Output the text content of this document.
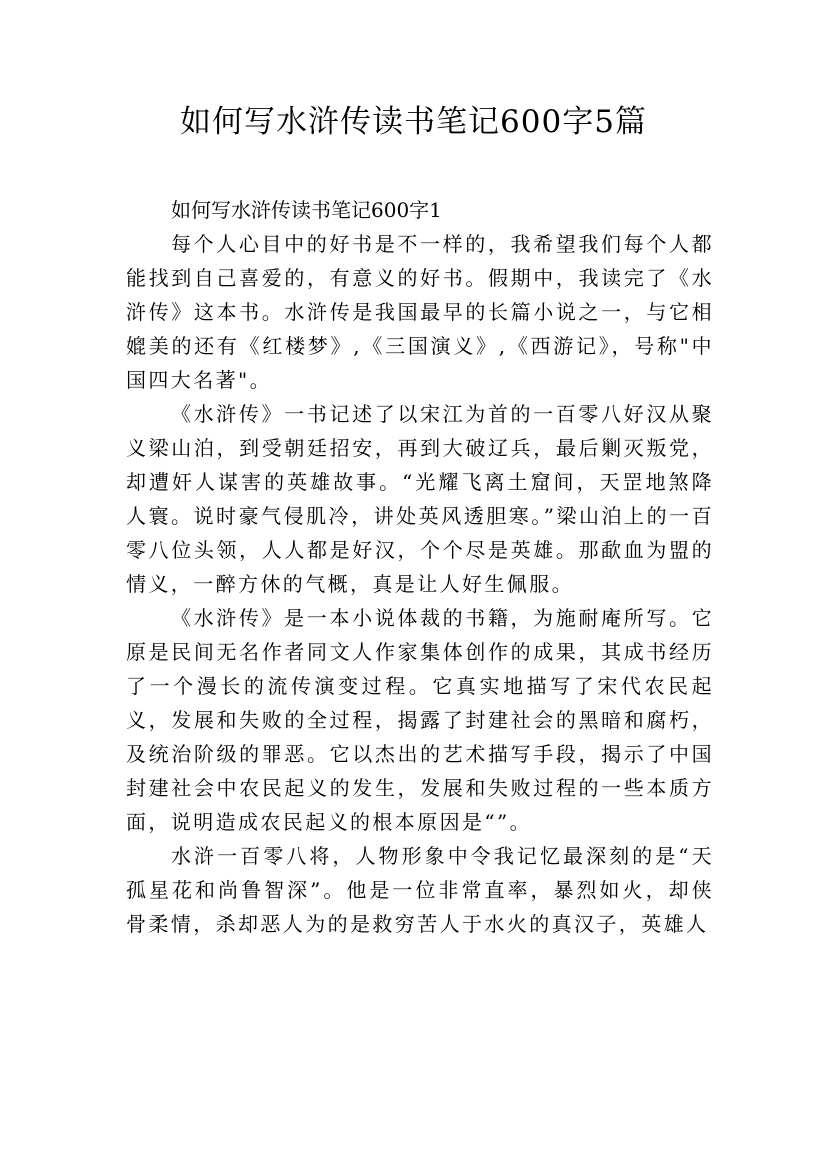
如何写水浒传读书笔记600字5篇

如何写水浒传读书笔记600字1

每个人心目中的好书是不一样的，我希望我们每个人都能找到自己喜爱的，有意义的好书。假期中，我读完了《水浒传》这本书。水浒传是我国最早的长篇小说之一，与它相媲美的还有《红楼梦》,《三国演义》,《西游记》，号称"中国四大名著"。

《水浒传》一书记述了以宋江为首的一百零八好汉从聚义梁山泊，到受朝廷招安，再到大破辽兵，最后剿灭叛党，却遭奸人谋害的英雄故事。“光耀飞离土窟间，天罡地煞降人寰。说时豪气侵肌冷，讲处英风透胆寒。”梁山泊上的一百零八位头领，人人都是好汉，个个尽是英雄。那歃血为盟的情义，一醉方休的气概，真是让人好生佩服。

《水浒传》是一本小说体裁的书籍，为施耐庵所写。它原是民间无名作者同文人作家集体创作的成果，其成书经历了一个漫长的流传演变过程。它真实地描写了宋代农民起义，发展和失败的全过程，揭露了封建社会的黑暗和腐朽，及统治阶级的罪恶。它以杰出的艺术描写手段，揭示了中国封建社会中农民起义的发生，发展和失败过程的一些本质方面，说明造成农民起义的根本原因是“”。

水浒一百零八将，人物形象中令我记忆最深刻的是“天孤星花和尚鲁智深”。他是一位非常直率，暴烈如火，却侠骨柔情，杀却恶人为的是救穷苦人于水火的真汉子，英雄人
